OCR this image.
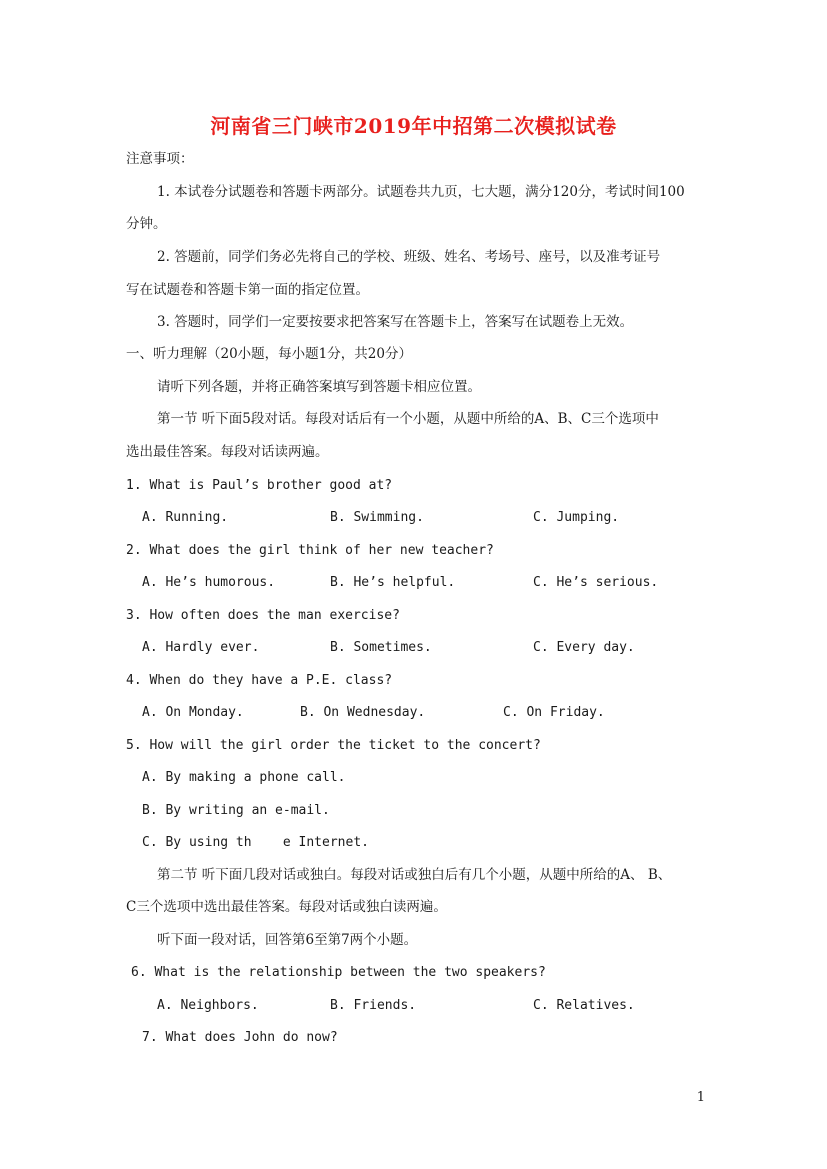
河南省三门峡市2019年中招第二次模拟试卷
注意事项：
1. 本试卷分试题卷和答题卡两部分。试题卷共九页，七大题，满分120分，考试时间100
分钟。
2. 答题前，同学们务必先将自己的学校、班级、姓名、考场号、座号，以及准考证号
写在试题卷和答题卡第一面的指定位置。
3. 答题时，同学们一定要按要求把答案写在答题卡上，答案写在试题卷上无效。
一、听力理解（20小题，每小题1分，共20分）
请听下列各题，并将正确答案填写到答题卡相应位置。
第一节 听下面5段对话。每段对话后有一个小题，从题中所给的A、B、C三个选项中
选出最佳答案。每段对话读两遍。
1. What is Paul’s brother good at?
A. Running.	B. Swimming.	C. Jumping.
2. What does the girl think of her new teacher?
A. He’s humorous.	B. He’s helpful.	C. He’s serious.
3. How often does the man exercise?
A. Hardly ever.	B. Sometimes.	C. Every day.
4. When do they have a P.E. class?
A. On Monday.	B. On Wednesday.	C. On Friday.
5. How will the girl order the ticket to the concert?
A. By making a phone call.
B. By writing an e-mail.
C. By using th    e Internet.
第二节 听下面几段对话或独白。每段对话或独白后有几个小题，从题中所给的A、 B、
C三个选项中选出最佳答案。每段对话或独白读两遍。
听下面一段对话，回答第6至第7两个小题。
6. What is the relationship between the two speakers?
A. Neighbors.	B. Friends.	C. Relatives.
7. What does John do now?
1
